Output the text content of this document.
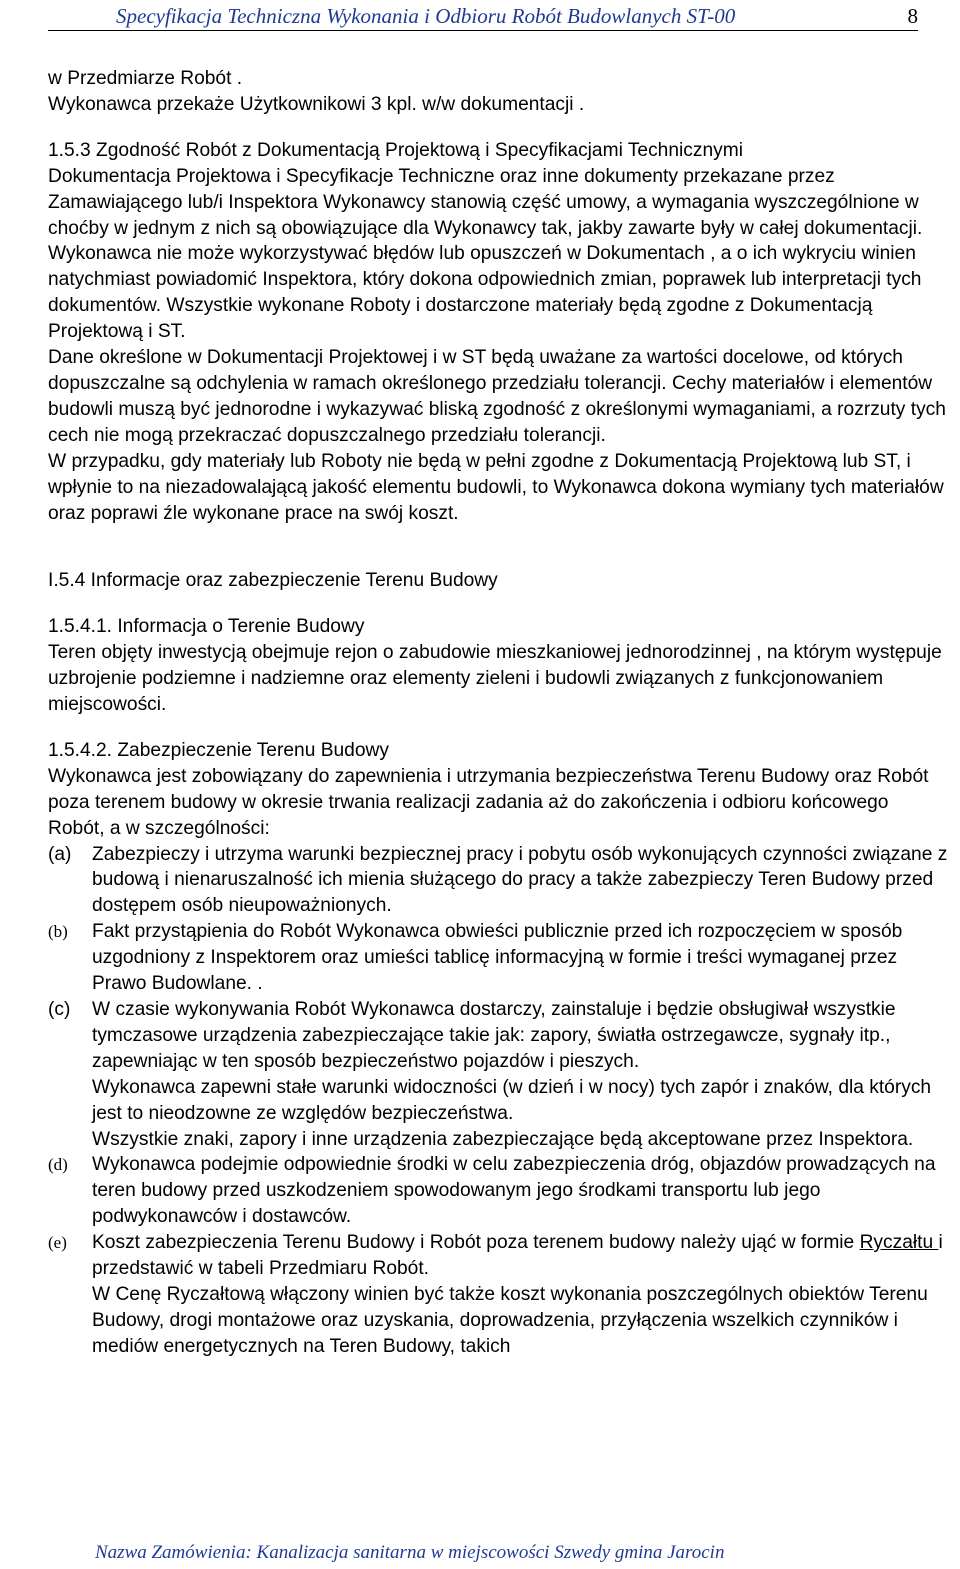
Specyfikacja Techniczna Wykonania i Odbioru Robót Budowlanych ST-00	8

w Przedmiarze Robót .

Wykonawca przekaże Użytkownikowi 3 kpl. w/w dokumentacji .

1.5.3 Zgodność Robót z Dokumentacją Projektową i Specyfikacjami Technicznymi

Dokumentacja Projektowa i Specyfikacje Techniczne oraz inne dokumenty przekazane przez Zamawiającego lub/i Inspektora Wykonawcy stanowią część umowy, a wymagania wyszczególnione w choćby w jednym z nich są obowiązujące dla Wykonawcy tak, jakby zawarte były w całej dokumentacji.

Wykonawca nie może wykorzystywać błędów lub opuszczeń w Dokumentach , a o ich wykryciu winien natychmiast powiadomić Inspektora, który dokona odpowiednich zmian, poprawek lub interpretacji tych dokumentów. Wszystkie wykonane Roboty i dostarczone materiały będą zgodne z Dokumentacją Projektową i ST.

Dane określone w Dokumentacji Projektowej i w ST będą uważane za wartości docelowe, od których dopuszczalne są odchylenia w ramach określonego przedziału tolerancji. Cechy materiałów i elementów budowli muszą być jednorodne i wykazywać bliską zgodność z określonymi wymaganiami, a rozrzuty tych cech nie mogą przekraczać dopuszczalnego przedziału tolerancji.

W przypadku, gdy materiały lub Roboty nie będą w pełni zgodne z Dokumentacją Projektową lub ST, i wpłynie to na niezadowalającą jakość elementu budowli, to Wykonawca dokona wymiany tych materiałów oraz poprawi źle wykonane prace na swój koszt.

I.5.4 Informacje oraz zabezpieczenie Terenu Budowy

1.5.4.1. Informacja o Terenie Budowy

Teren objęty inwestycją obejmuje rejon o zabudowie mieszkaniowej jednorodzinnej , na którym występuje uzbrojenie podziemne i nadziemne oraz elementy zieleni i budowli związanych z funkcjonowaniem miejscowości.

1.5.4.2. Zabezpieczenie Terenu Budowy

Wykonawca jest zobowiązany do zapewnienia i utrzymania bezpieczeństwa Terenu Budowy oraz Robót poza terenem budowy w okresie trwania realizacji zadania aż do zakończenia i odbioru końcowego Robót, a w szczególności:

(a)	Zabezpieczy i utrzyma warunki bezpiecznej pracy i pobytu osób wykonujących czynności związane z budową i nienaruszalność ich mienia służącego do pracy a także zabezpieczy Teren Budowy przed dostępem osób nieupoważnionych.
(b)	Fakt przystąpienia do Robót Wykonawca obwieści publicznie przed ich rozpoczęciem w sposób uzgodniony z Inspektorem oraz umieści tablicę informacyjną w formie i treści wymaganej przez Prawo Budowlane. .
(c)	W czasie wykonywania Robót Wykonawca dostarczy, zainstaluje i będzie obsługiwał wszystkie tymczasowe urządzenia zabezpieczające takie jak: zapory, światła ostrzegawcze, sygnały itp., zapewniając w ten sposób bezpieczeństwo pojazdów i pieszych.
Wykonawca zapewni stałe warunki widoczności (w dzień i w nocy) tych zapór i znaków, dla których jest to nieodzowne ze względów bezpieczeństwa.
Wszystkie znaki, zapory i inne urządzenia zabezpieczające będą akceptowane przez Inspektora.
(d)	Wykonawca podejmie odpowiednie środki w celu zabezpieczenia dróg, objazdów prowadzących na teren budowy przed uszkodzeniem spowodowanym jego środkami transportu lub jego podwykonawców i dostawców.
(e)	Koszt zabezpieczenia Terenu Budowy i Robót poza terenem budowy należy ująć w formie Ryczałtu i przedstawić w tabeli Przedmiaru Robót.
W Cenę Ryczałtową włączony winien być także koszt wykonania poszczególnych obiektów Terenu Budowy, drogi montażowe oraz uzyskania, doprowadzenia, przyłączenia wszelkich czynników i mediów energetycznych na Teren Budowy, takich
Nazwa Zamówienia: Kanalizacja sanitarna w miejscowości Szwedy gmina Jarocin
